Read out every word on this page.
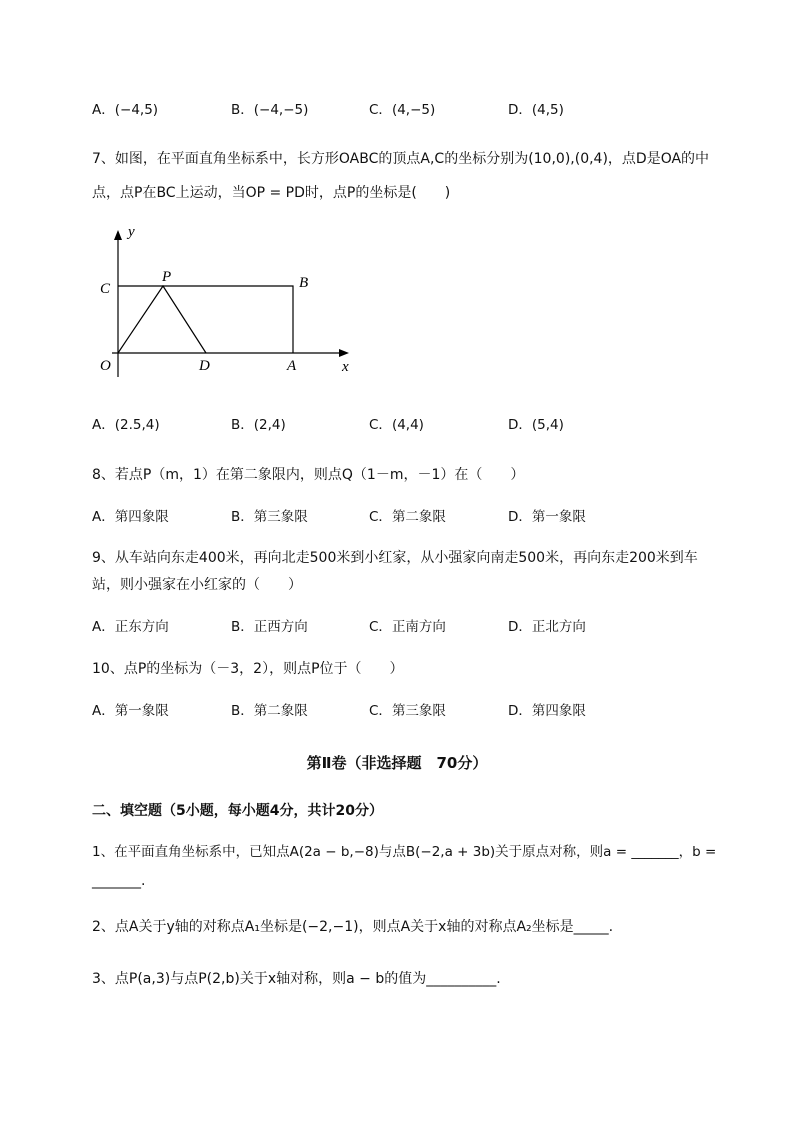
A．(−4,5)	B．(−4,−5)	C．(4,−5)	D．(4,5)
7、如图，在平面直角坐标系中，长方形OABC的顶点A,C的坐标分别为(10,0),(0,4)，点D是OA的中
点，点P在BC上运动，当OP = PD时，点P的坐标是(　　)
y
C
P	B
O	D	A	x
A．(2.5,4)	B．(2,4)	C．(4,4)	D．(5,4)
8、若点P（m，1）在第二象限内，则点Q（1－m，－1）在（　　）
A．第四象限	B．第三象限	C．第二象限	D．第一象限
9、从车站向东走400米，再向北走500米到小红家，从小强家向南走500米，再向东走200米到车
站，则小强家在小红家的（　　）
A．正东方向	B．正西方向	C．正南方向	D．正北方向
10、点P的坐标为（－3，2），则点P位于（　　）
A．第一象限	B．第二象限	C．第三象限	D．第四象限
第Ⅱ卷（非选择题　70分）
二、填空题（5小题，每小题4分，共计20分）
1、在平面直角坐标系中，已知点A(2a − b,−8)与点B(−2,a + 3b)关于原点对称，则a = _______，b =
_______.
2、点A关于y轴的对称点A₁坐标是(−2,−1)，则点A关于x轴的对称点A₂坐标是_____.
3、点P(a,3)与点P(2,b)关于x轴对称，则a − b的值为__________.
